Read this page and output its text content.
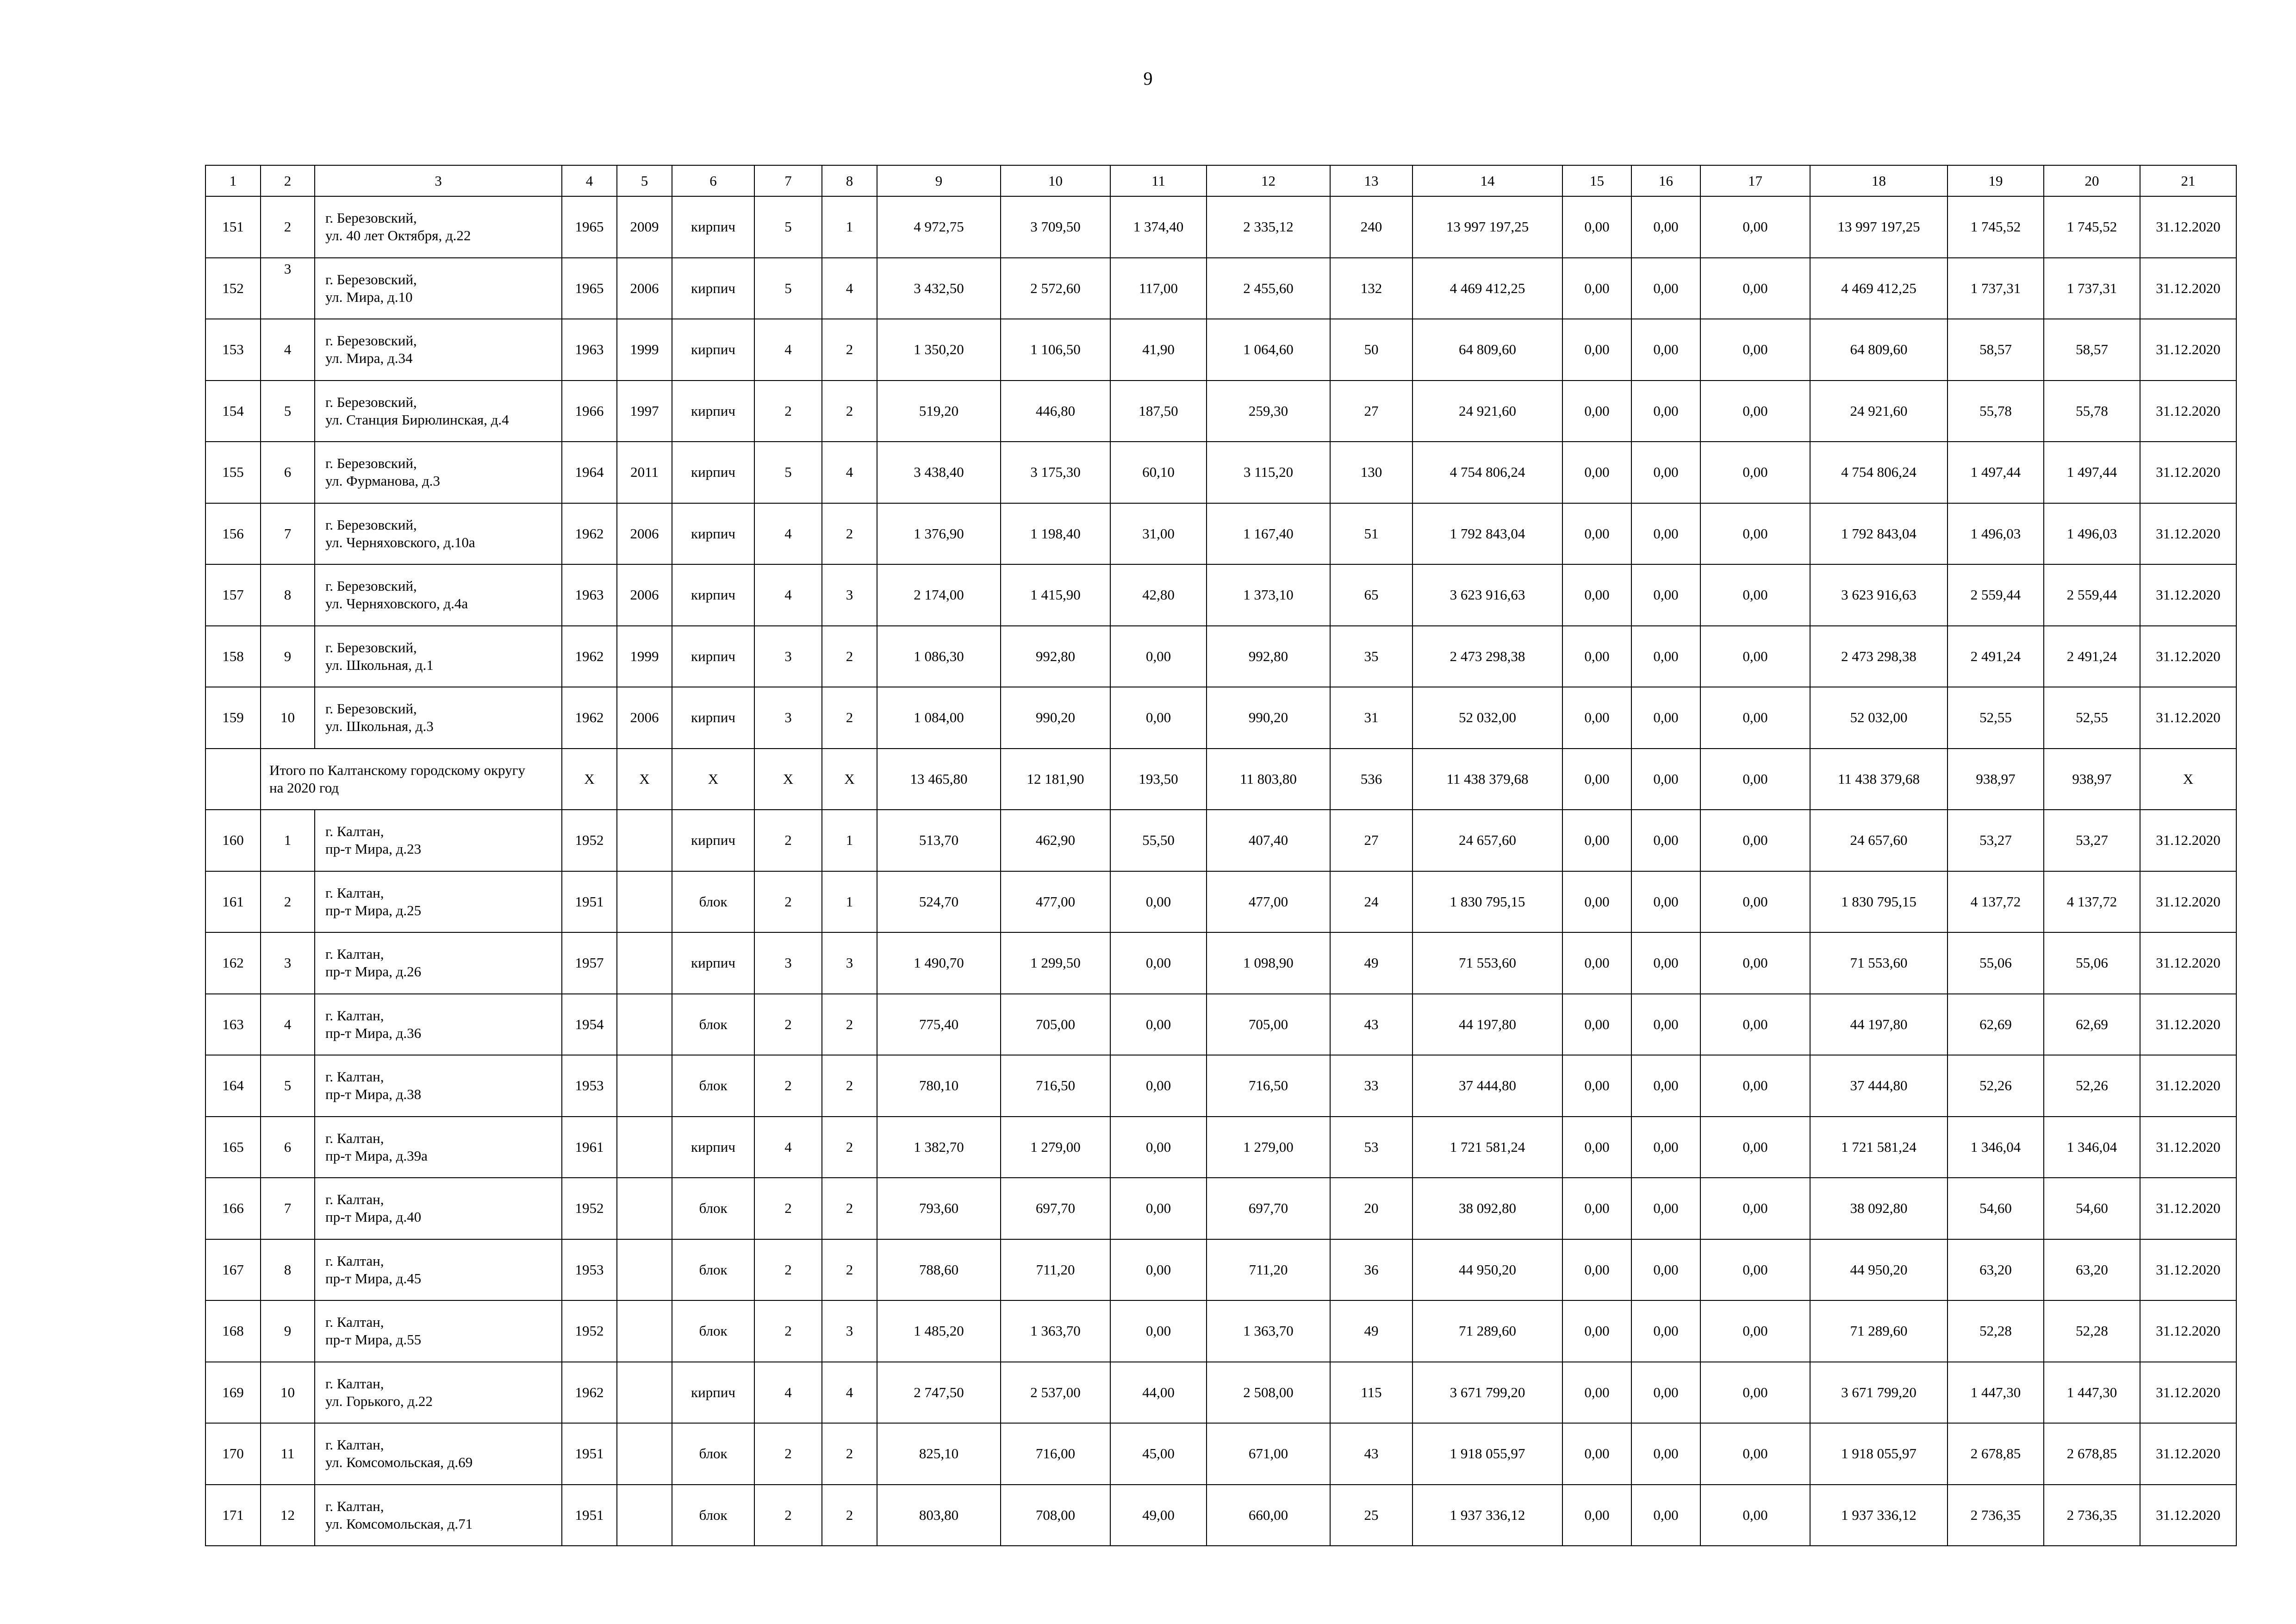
9
1	2	3	4	5	6	7	8	9	10	11	12	13	14	15	16	17	18	19	20	21
151	2	г. Березовский,
ул. 40 лет Октября, д.22	1965	2009	кирпич	5	1	4 972,75	3 709,50	1 374,40	2 335,12	240	13 997 197,25	0,00	0,00	0,00	13 997 197,25	1 745,52	1 745,52	31.12.2020
152	3	г. Березовский,
ул. Мира, д.10	1965	2006	кирпич	5	4	3 432,50	2 572,60	117,00	2 455,60	132	4 469 412,25	0,00	0,00	0,00	4 469 412,25	1 737,31	1 737,31	31.12.2020
153	4	г. Березовский,
ул. Мира, д.34	1963	1999	кирпич	4	2	1 350,20	1 106,50	41,90	1 064,60	50	64 809,60	0,00	0,00	0,00	64 809,60	58,57	58,57	31.12.2020
154	5	г. Березовский,
ул. Станция Бирюлинская, д.4	1966	1997	кирпич	2	2	519,20	446,80	187,50	259,30	27	24 921,60	0,00	0,00	0,00	24 921,60	55,78	55,78	31.12.2020
155	6	г. Березовский,
ул. Фурманова, д.3	1964	2011	кирпич	5	4	3 438,40	3 175,30	60,10	3 115,20	130	4 754 806,24	0,00	0,00	0,00	4 754 806,24	1 497,44	1 497,44	31.12.2020
156	7	г. Березовский,
ул. Черняховского, д.10а	1962	2006	кирпич	4	2	1 376,90	1 198,40	31,00	1 167,40	51	1 792 843,04	0,00	0,00	0,00	1 792 843,04	1 496,03	1 496,03	31.12.2020
157	8	г. Березовский,
ул. Черняховского, д.4а	1963	2006	кирпич	4	3	2 174,00	1 415,90	42,80	1 373,10	65	3 623 916,63	0,00	0,00	0,00	3 623 916,63	2 559,44	2 559,44	31.12.2020
158	9	г. Березовский,
ул. Школьная, д.1	1962	1999	кирпич	3	2	1 086,30	992,80	0,00	992,80	35	2 473 298,38	0,00	0,00	0,00	2 473 298,38	2 491,24	2 491,24	31.12.2020
159	10	г. Березовский,
ул. Школьная, д.3	1962	2006	кирпич	3	2	1 084,00	990,20	0,00	990,20	31	52 032,00	0,00	0,00	0,00	52 032,00	52,55	52,55	31.12.2020

	Итого по Калтанскому городскому округу
на 2020 год		X	X	X	X	X	13 465,80	12 181,90	193,50	11 803,80	536	11 438 379,68	0,00	0,00	0,00	11 438 379,68	938,97	938,97	X
160	1	г. Калтан,
пр-т Мира, д.23	1952		кирпич	2	1	513,70	462,90	55,50	407,40	27	24 657,60	0,00	0,00	0,00	24 657,60	53,27	53,27	31.12.2020
161	2	г. Калтан,
пр-т Мира, д.25	1951		блок	2	1	524,70	477,00	0,00	477,00	24	1 830 795,15	0,00	0,00	0,00	1 830 795,15	4 137,72	4 137,72	31.12.2020
162	3	г. Калтан,
пр-т Мира, д.26	1957		кирпич	3	3	1 490,70	1 299,50	0,00	1 098,90	49	71 553,60	0,00	0,00	0,00	71 553,60	55,06	55,06	31.12.2020
163	4	г. Калтан,
пр-т Мира, д.36	1954		блок	2	2	775,40	705,00	0,00	705,00	43	44 197,80	0,00	0,00	0,00	44 197,80	62,69	62,69	31.12.2020
164	5	г. Калтан,
пр-т Мира, д.38	1953		блок	2	2	780,10	716,50	0,00	716,50	33	37 444,80	0,00	0,00	0,00	37 444,80	52,26	52,26	31.12.2020
165	6	г. Калтан,
пр-т Мира, д.39а	1961		кирпич	4	2	1 382,70	1 279,00	0,00	1 279,00	53	1 721 581,24	0,00	0,00	0,00	1 721 581,24	1 346,04	1 346,04	31.12.2020
166	7	г. Калтан,
пр-т Мира, д.40	1952		блок	2	2	793,60	697,70	0,00	697,70	20	38 092,80	0,00	0,00	0,00	38 092,80	54,60	54,60	31.12.2020
167	8	г. Калтан,
пр-т Мира, д.45	1953		блок	2	2	788,60	711,20	0,00	711,20	36	44 950,20	0,00	0,00	0,00	44 950,20	63,20	63,20	31.12.2020
168	9	г. Калтан,
пр-т Мира, д.55	1952		блок	2	3	1 485,20	1 363,70	0,00	1 363,70	49	71 289,60	0,00	0,00	0,00	71 289,60	52,28	52,28	31.12.2020
169	10	г. Калтан,
ул. Горького, д.22	1962		кирпич	4	4	2 747,50	2 537,00	44,00	2 508,00	115	3 671 799,20	0,00	0,00	0,00	3 671 799,20	1 447,30	1 447,30	31.12.2020
170	11	г. Калтан,
ул. Комсомольская, д.69	1951		блок	2	2	825,10	716,00	45,00	671,00	43	1 918 055,97	0,00	0,00	0,00	1 918 055,97	2 678,85	2 678,85	31.12.2020
171	12	г. Калтан,
ул. Комсомольская, д.71	1951		блок	2	2	803,80	708,00	49,00	660,00	25	1 937 336,12	0,00	0,00	0,00	1 937 336,12	2 736,35	2 736,35	31.12.2020
